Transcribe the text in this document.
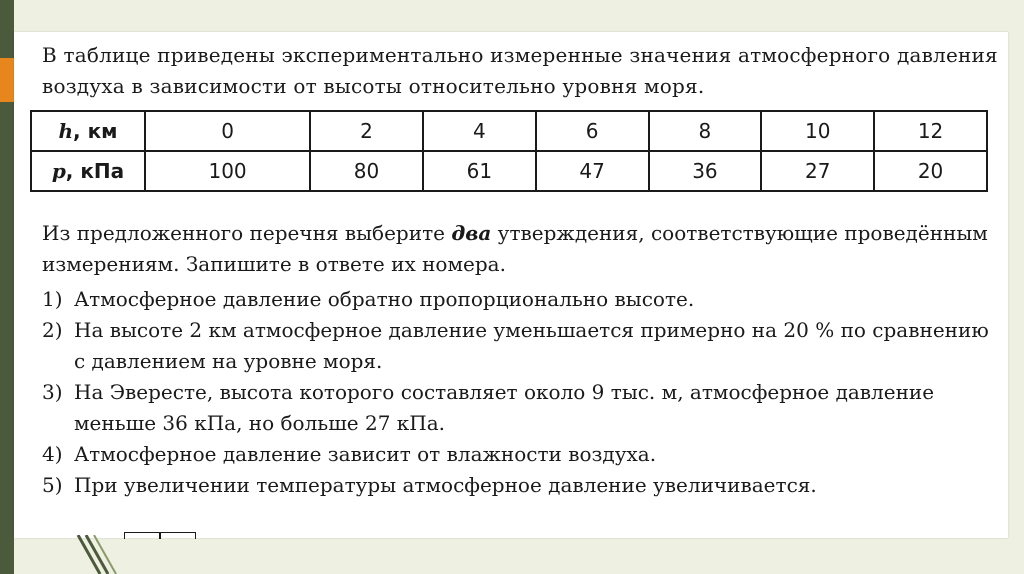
В таблице приведены экспериментально измеренные значения атмосферного давления воздуха в зависимости от высоты относительно уровня моря.
h, км	0	2	4	6	8	10	12
p, кПа	100	80	61	47	36	27	20
Из предложенного перечня выберите два утверждения, соответствующие проведённым измерениям. Запишите в ответе их номера.
1) Атмосферное давление обратно пропорционально высоте.
2) На высоте 2 км атмосферное давление уменьшается примерно на 20 % по сравнению с давлением на уровне моря.
3) На Эвересте, высота которого составляет около 9 тыс. м, атмосферное давление меньше 36 кПа, но больше 27 кПа.
4) Атмосферное давление зависит от влажности воздуха.
5) При увеличении температуры атмосферное давление увеличивается.
